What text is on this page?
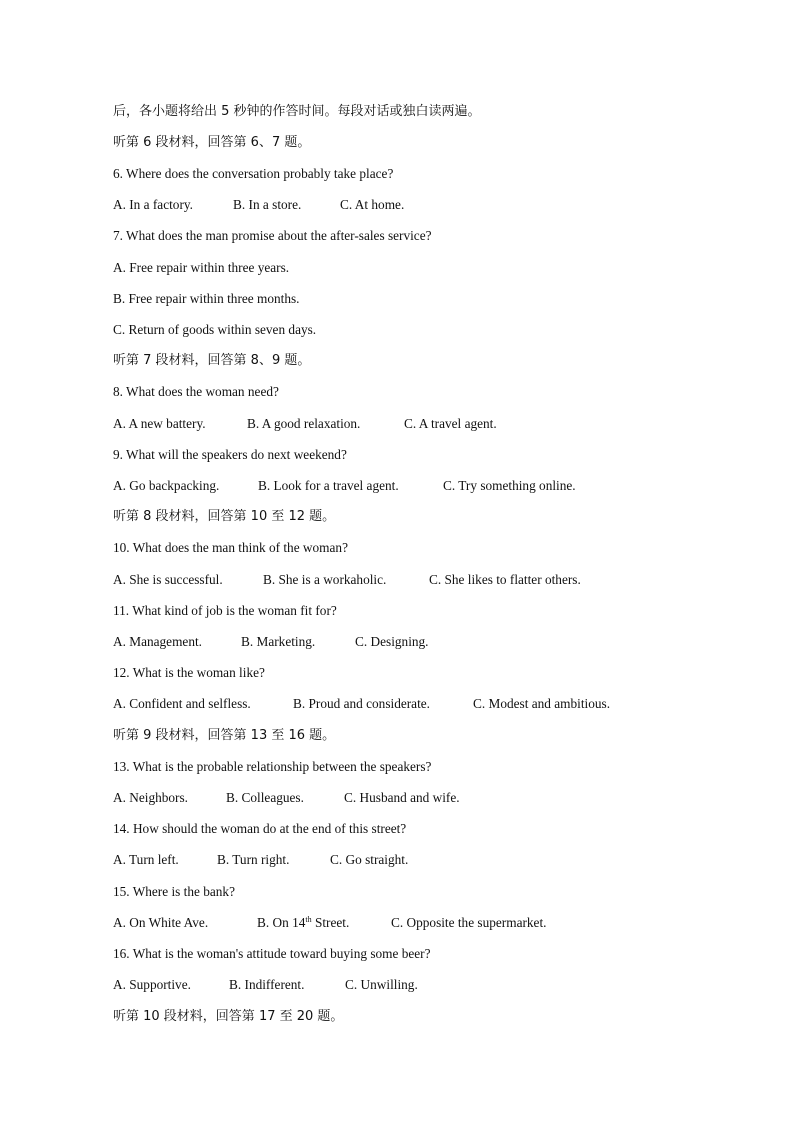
后，各小题将给出 5 秒钟的作答时间。每段对话或独白读两遍。
听第 6 段材料，回答第 6、7 题。
6. Where does the conversation probably take place?
A. In a factory.	B. In a store.	C. At home.
7. What does the man promise about the after-sales service?
A. Free repair within three years.
B. Free repair within three months.
C. Return of goods within seven days.
听第 7 段材料，回答第 8、9 题。
8. What does the woman need?
A. A new battery.	B. A good relaxation.	C. A travel agent.
9. What will the speakers do next weekend?
A. Go backpacking.	B. Look for a travel agent.	C. Try something online.
听第 8 段材料，回答第 10 至 12 题。
10. What does the man think of the woman?
A. She is successful.	B. She is a workaholic.	C. She likes to flatter others.
11. What kind of job is the woman fit for?
A. Management.	B. Marketing.	C. Designing.
12. What is the woman like?
A. Confident and selfless.	B. Proud and considerate.	C. Modest and ambitious.
听第 9 段材料，回答第 13 至 16 题。
13. What is the probable relationship between the speakers?
A. Neighbors.	B. Colleagues.	C. Husband and wife.
14. How should the woman do at the end of this street?
A. Turn left.	B. Turn right.	C. Go straight.
15. Where is the bank?
A. On White Ave.	B. On 14th Street.	C. Opposite the supermarket.
16. What is the woman's attitude toward buying some beer?
A. Supportive.	B. Indifferent.	C. Unwilling.
听第 10 段材料，回答第 17 至 20 题。
